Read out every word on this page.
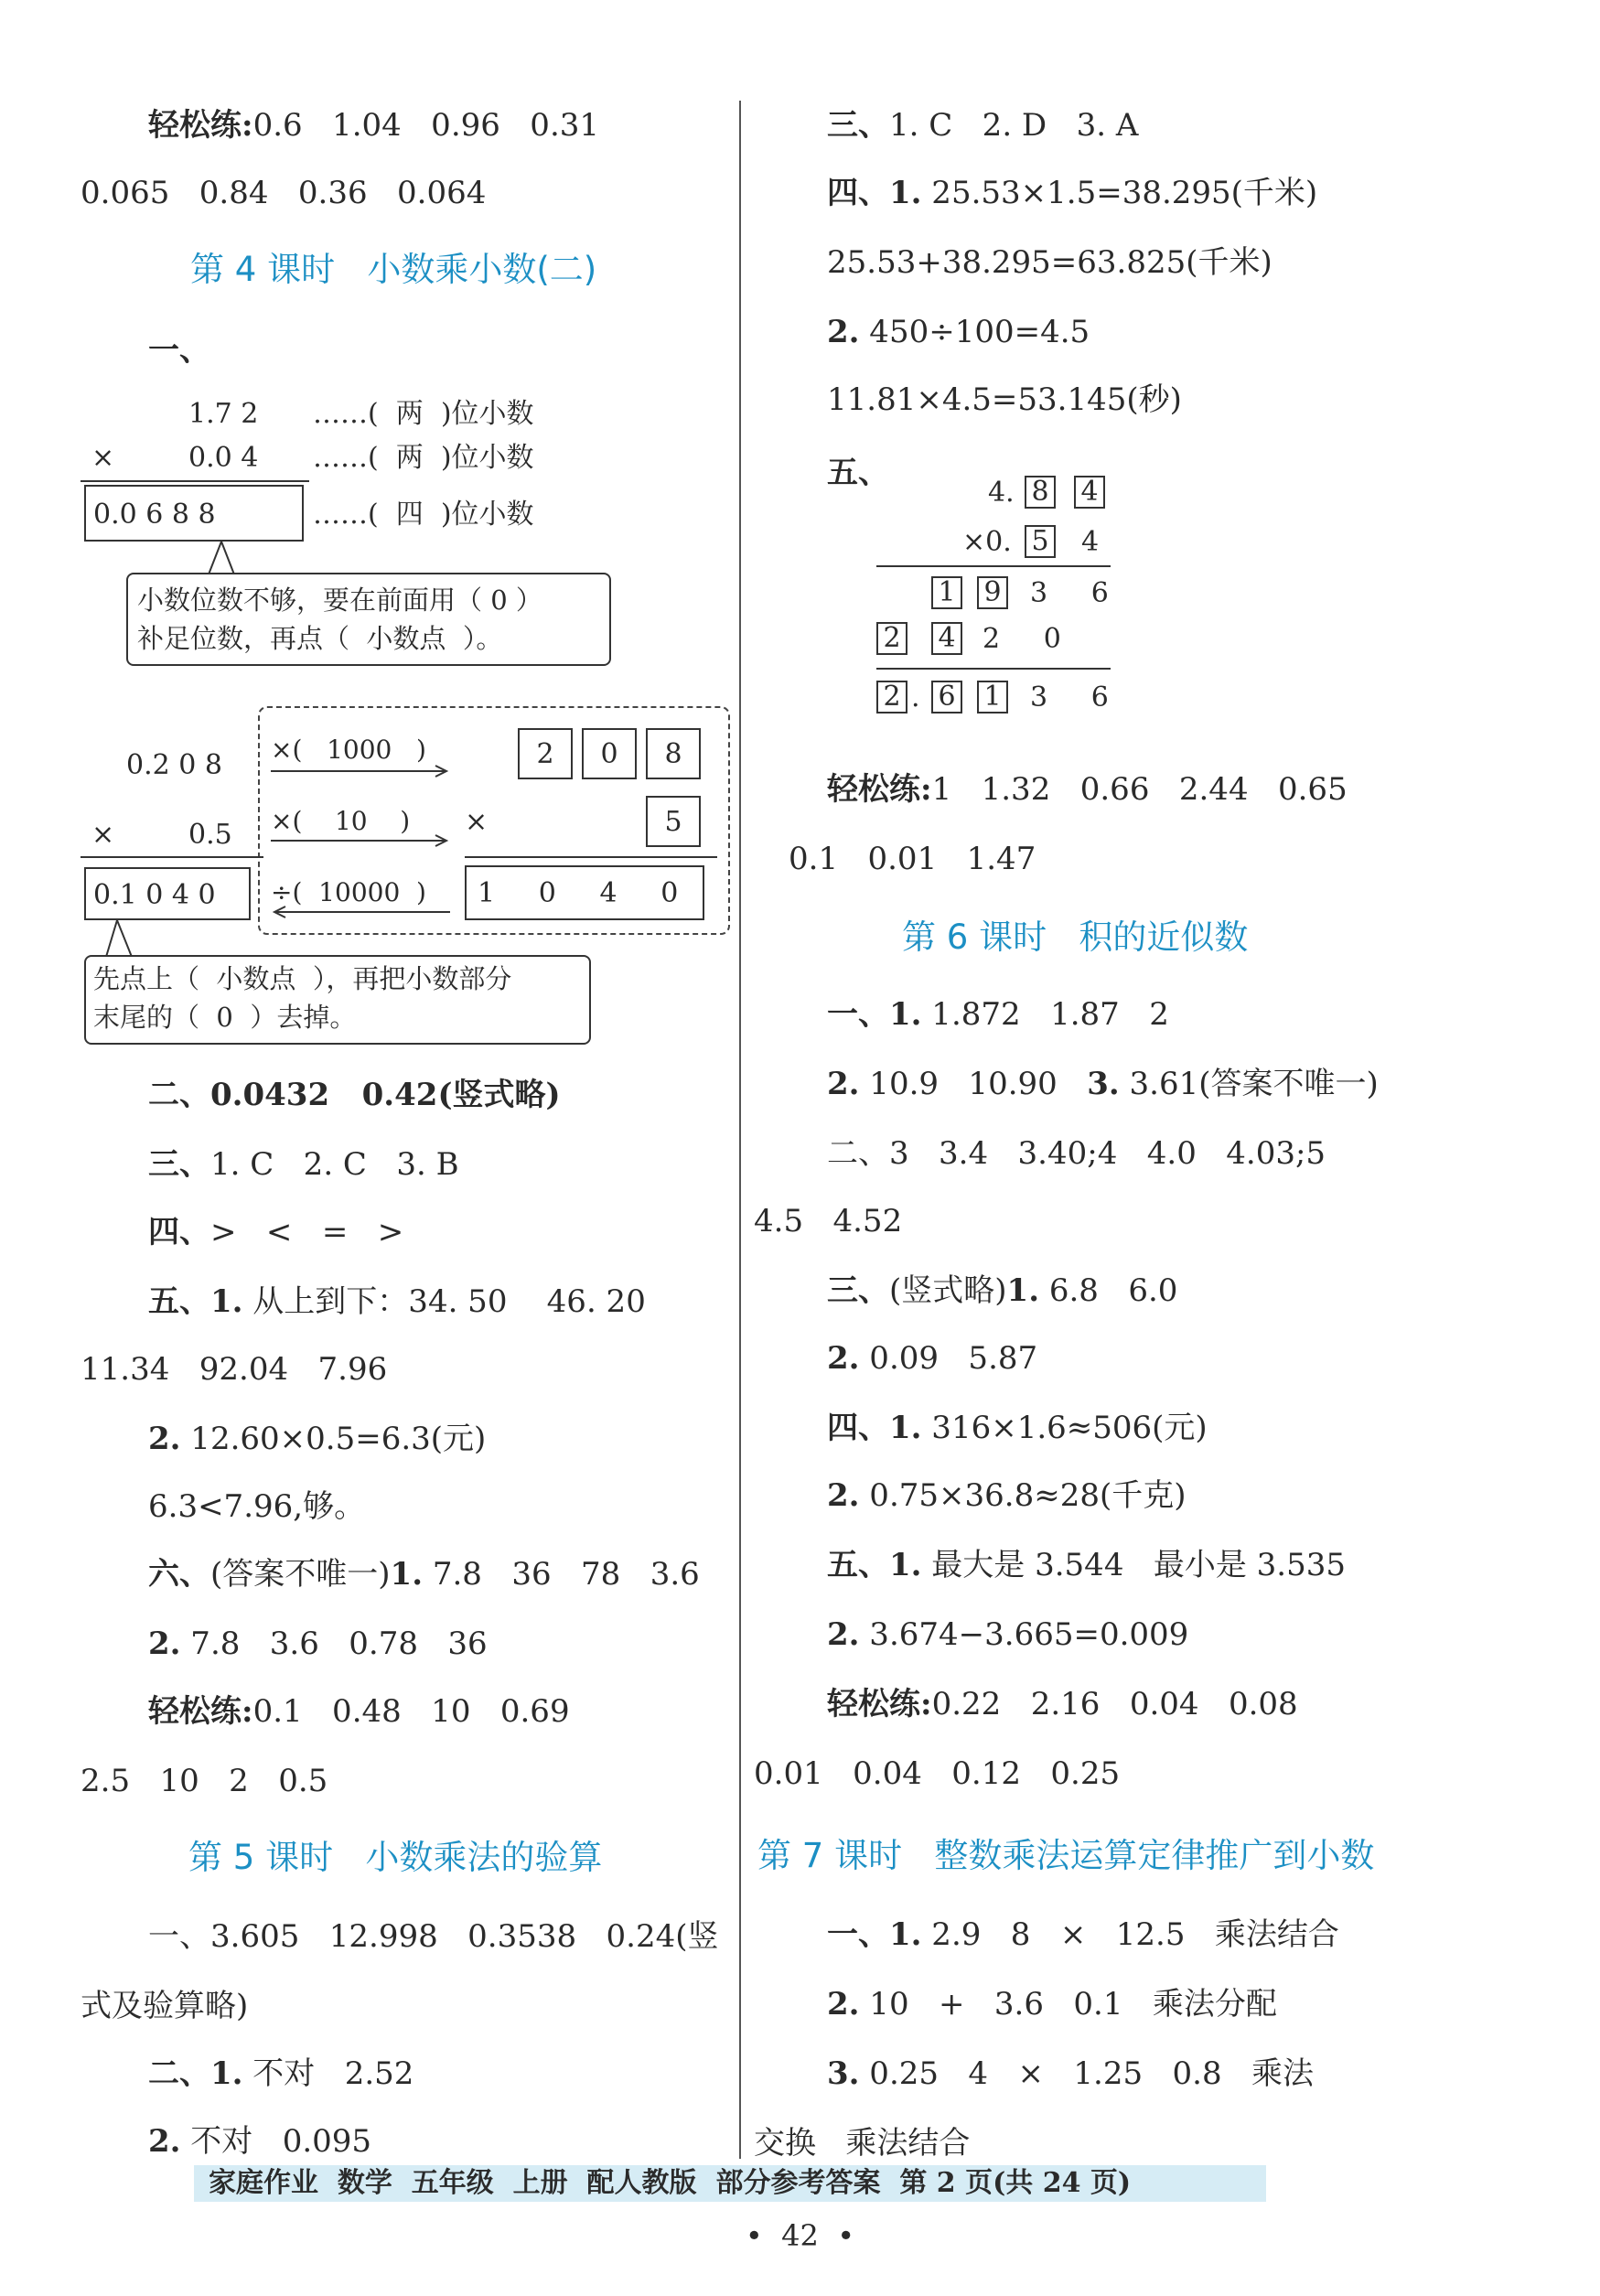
轻松练:0.6   1.04   0.96   0.31
0.065   0.84   0.36   0.064
第 4 课时   小数乘小数(二)
一、
1.7 2 ……(  两  )位小数
×	0.0 4 ……(  两  )位小数
0.0 6 8 8	……(  四  )位小数
小数位数不够，要在前面用（ 0 ）
补足位数，再点（  小数点  ）。
0.2 0 8
×	0.5
0.1 0 4 0
×(   1000   )	2	0	8
×(    10    ) ×	5
÷(  10000  ) 1     0     4     0
先点上（  小数点  ），再把小数部分
末尾的（  0  ）去掉。
二、0.0432   0.42(竖式略)
三、1. C   2. C   3. B
四、>   <   =   >
五、1. 从上到下：34. 50    46. 20
11.34   92.04   7.96
2. 12.60×0.5=6.3(元)
6.3<7.96,够。
六、(答案不唯一)1. 7.8   36   78   3.6
2. 7.8   3.6   0.78   36
轻松练:0.1   0.48   10   0.69
2.5   10   2   0.5
第 5 课时   小数乘法的验算
一、3.605   12.998   0.3538   0.24(竖
式及验算略)
二、1. 不对   2.52
2. 不对   0.095
三、1. C   2. D   3. A
四、1. 25.53×1.5=38.295(千米)
25.53+38.295=63.825(千米)
2. 450÷100=4.5
11.81×4.5=53.145(秒)
五、
4. 8 4
×0. 5 4
1 9 3     6
2 4 2     0
2 . 6 1 3     6
轻松练:1   1.32   0.66   2.44   0.65
0.1   0.01   1.47
第 6 课时   积的近似数
一、1. 1.872   1.87   2
2. 10.9   10.90   3. 3.61(答案不唯一)
二、3   3.4   3.40;4   4.0   4.03;5
4.5   4.52
三、(竖式略)1. 6.8   6.0
2. 0.09   5.87
四、1. 316×1.6≈506(元)
2. 0.75×36.8≈28(千克)
五、1. 最大是 3.544   最小是 3.535
2. 3.674−3.665=0.009
轻松练:0.22   2.16   0.04   0.08
0.01   0.04   0.12   0.25
第 7 课时   整数乘法运算定律推广到小数
一、1. 2.9   8   ×   12.5   乘法结合
2. 10   +   3.6   0.1   乘法分配
3. 0.25   4   ×   1.25   0.8   乘法
交换   乘法结合
家庭作业  数学  五年级  上册  配人教版  部分参考答案  第 2 页(共 24 页)
•  42  •
